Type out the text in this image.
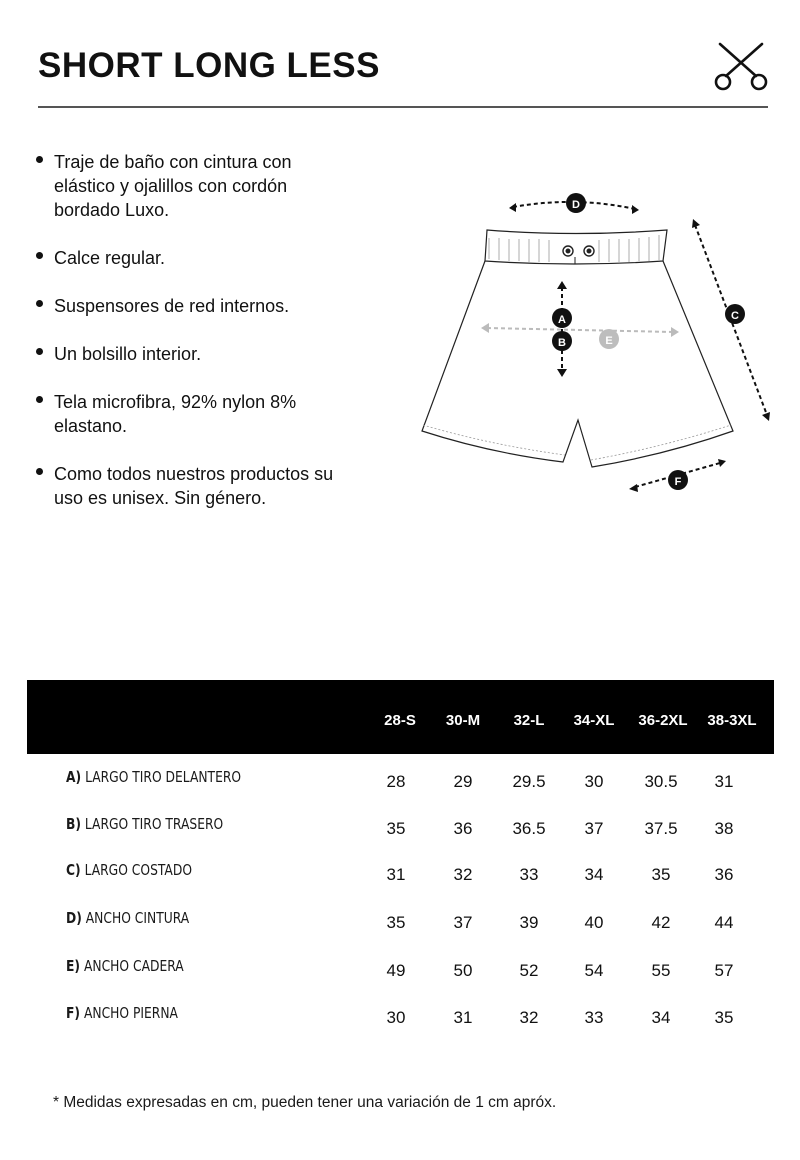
SHORT LONG LESS
Traje de baño con cintura con elástico y ojalillos con cordón bordado Luxo.
Calce regular.
Suspensores de red internos.
Un bolsillo interior.
Tela microfibra, 92% nylon 8% elastano.
Como todos nuestros productos su uso es unisex. Sin género.
D
A
B	E
C
F
28-S	30-M	32-L	34-XL	36-2XL	38-3XL
A) LARGO TIRO DELANTERO	28	29	29.5	30	30.5	31
B) LARGO TIRO TRASERO	35	36	36.5	37	37.5	38
C) LARGO COSTADO	31	32	33	34	35	36
D) ANCHO CINTURA	35	37	39	40	42	44
E) ANCHO CADERA	49	50	52	54	55	57
F) ANCHO PIERNA	30	31	32	33	34	35
* Medidas expresadas en cm, pueden tener una variación de 1 cm apróx.
